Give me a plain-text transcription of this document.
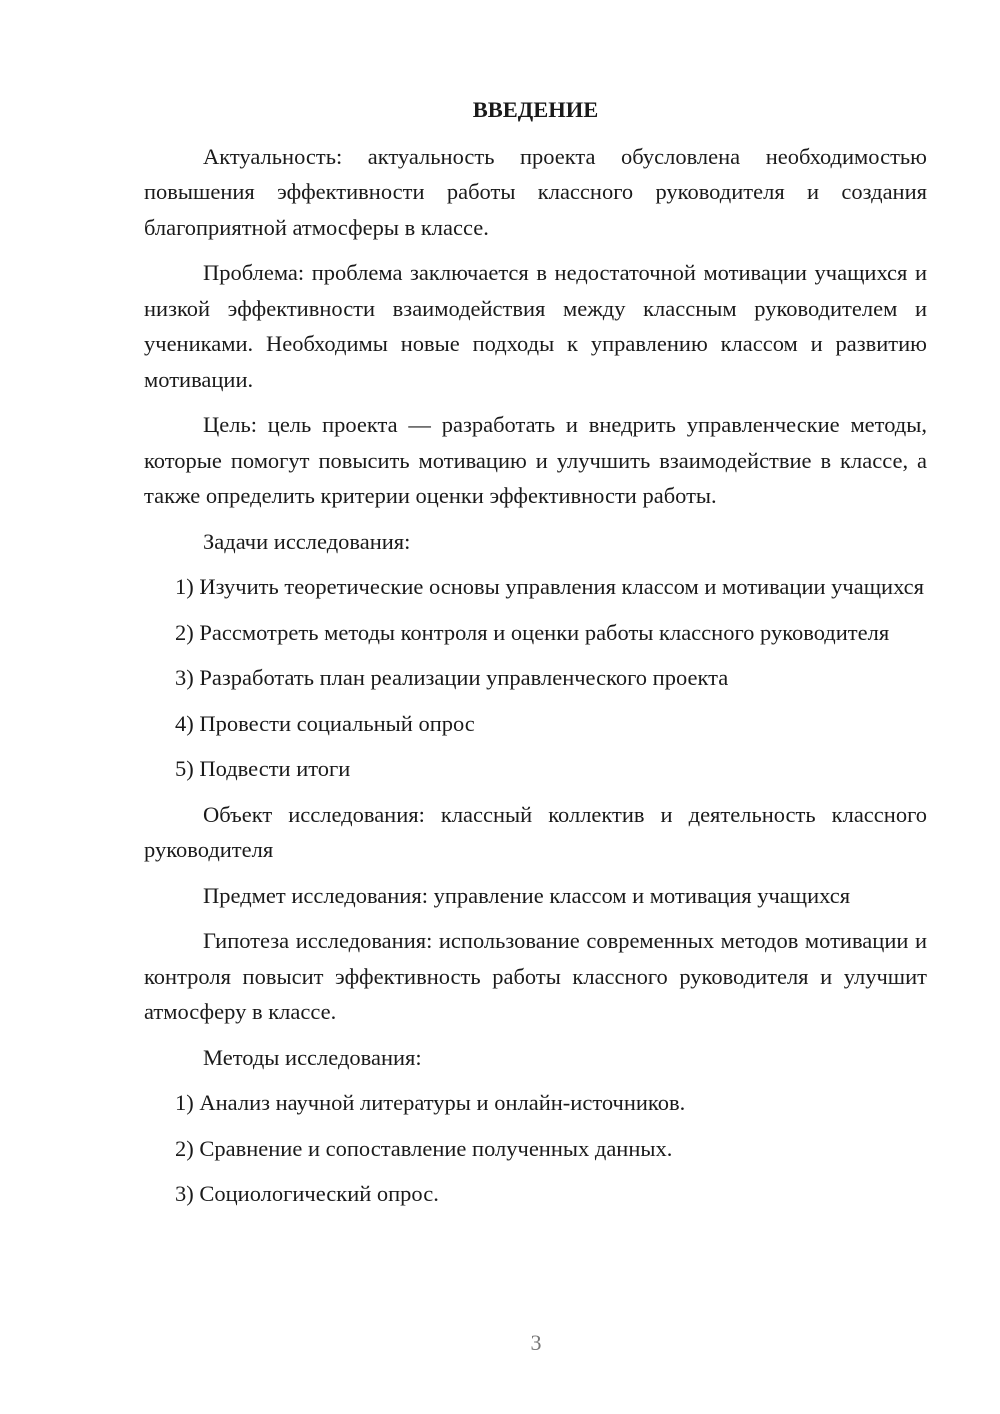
ВВЕДЕНИЕ

Актуальность: актуальность проекта обусловлена необходимостью повышения эффективности работы классного руководителя и создания благоприятной атмосферы в классе.

Проблема: проблема заключается в недостаточной мотивации учащихся и низкой эффективности взаимодействия между классным руководителем и учениками. Необходимы новые подходы к управлению классом и развитию мотивации.

Цель: цель проекта — разработать и внедрить управленческие методы, которые помогут повысить мотивацию и улучшить взаимодействие в классе, а также определить критерии оценки эффективности работы.

Задачи исследования:

1) Изучить теоретические основы управления классом и мотивации учащихся

2) Рассмотреть методы контроля и оценки работы классного руководителя

3) Разработать план реализации управленческого проекта

4) Провести социальный опрос

5) Подвести итоги

Объект исследования: классный коллектив и деятельность классного руководителя

Предмет исследования: управление классом и мотивация учащихся

Гипотеза исследования: использование современных методов мотивации и контроля повысит эффективность работы классного руководителя и улучшит атмосферу в классе.

Методы исследования:

1) Анализ научной литературы и онлайн-источников.

2) Сравнение и сопоставление полученных данных.

3) Социологический опрос.

3
